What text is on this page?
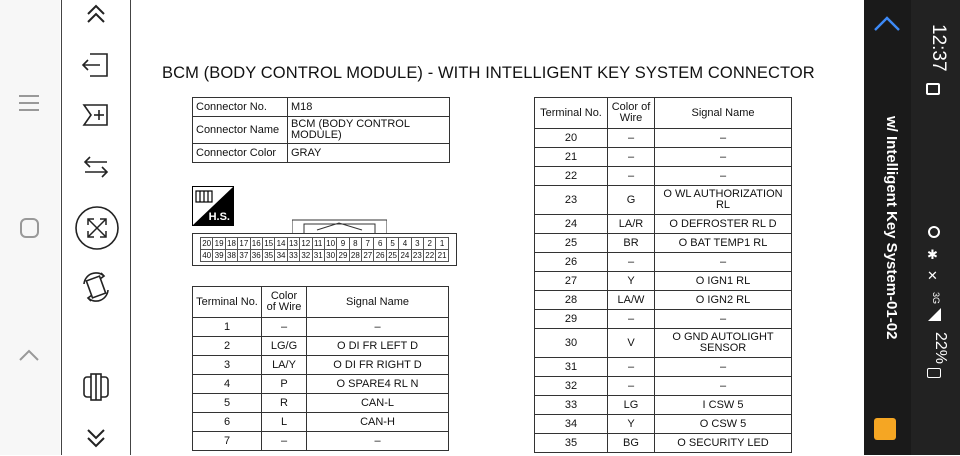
BCM (BODY CONTROL MODULE) - WITH INTELLIGENT KEY SYSTEM CONNECTOR
Connector No.	M18
Connector Name	BCM (BODY CONTROL MODULE)
Connector Color	GRAY
H.S.
20 19 18 17 16 15 14 13 12 11 10 9 8 7 6 5 4 3 2 1
40 39 38 37 36 35 34 33 32 31 30 29 28 27 26 25 24 23 22 21
Terminal No.	Color of Wire	Signal Name
1	–	–
2	LG/G	O DI FR LEFT D
3	LA/Y	O DI FR RIGHT D
4	P	O SPARE4 RL N
5	R	CAN-L
6	L	CAN-H
7	–	–
Terminal No.	Color of Wire	Signal Name
20	–	–
21	–	–
22	–	–
23	G	O WL AUTHORIZATION RL
24	LA/R	O DEFROSTER RL D
25	BR	O BAT TEMP1 RL
26	–	–
27	Y	O IGN1 RL
28	LA/W	O IGN2 RL
29	–	–
30	V	O GND AUTOLIGHT SENSOR
31	–	–
32	–	–
33	LG	I CSW 5
34	Y	O CSW 5
35	BG	O SECURITY LED
w/ Intelligent Key System-01-02
12:37
✱
✕
3G
22%
